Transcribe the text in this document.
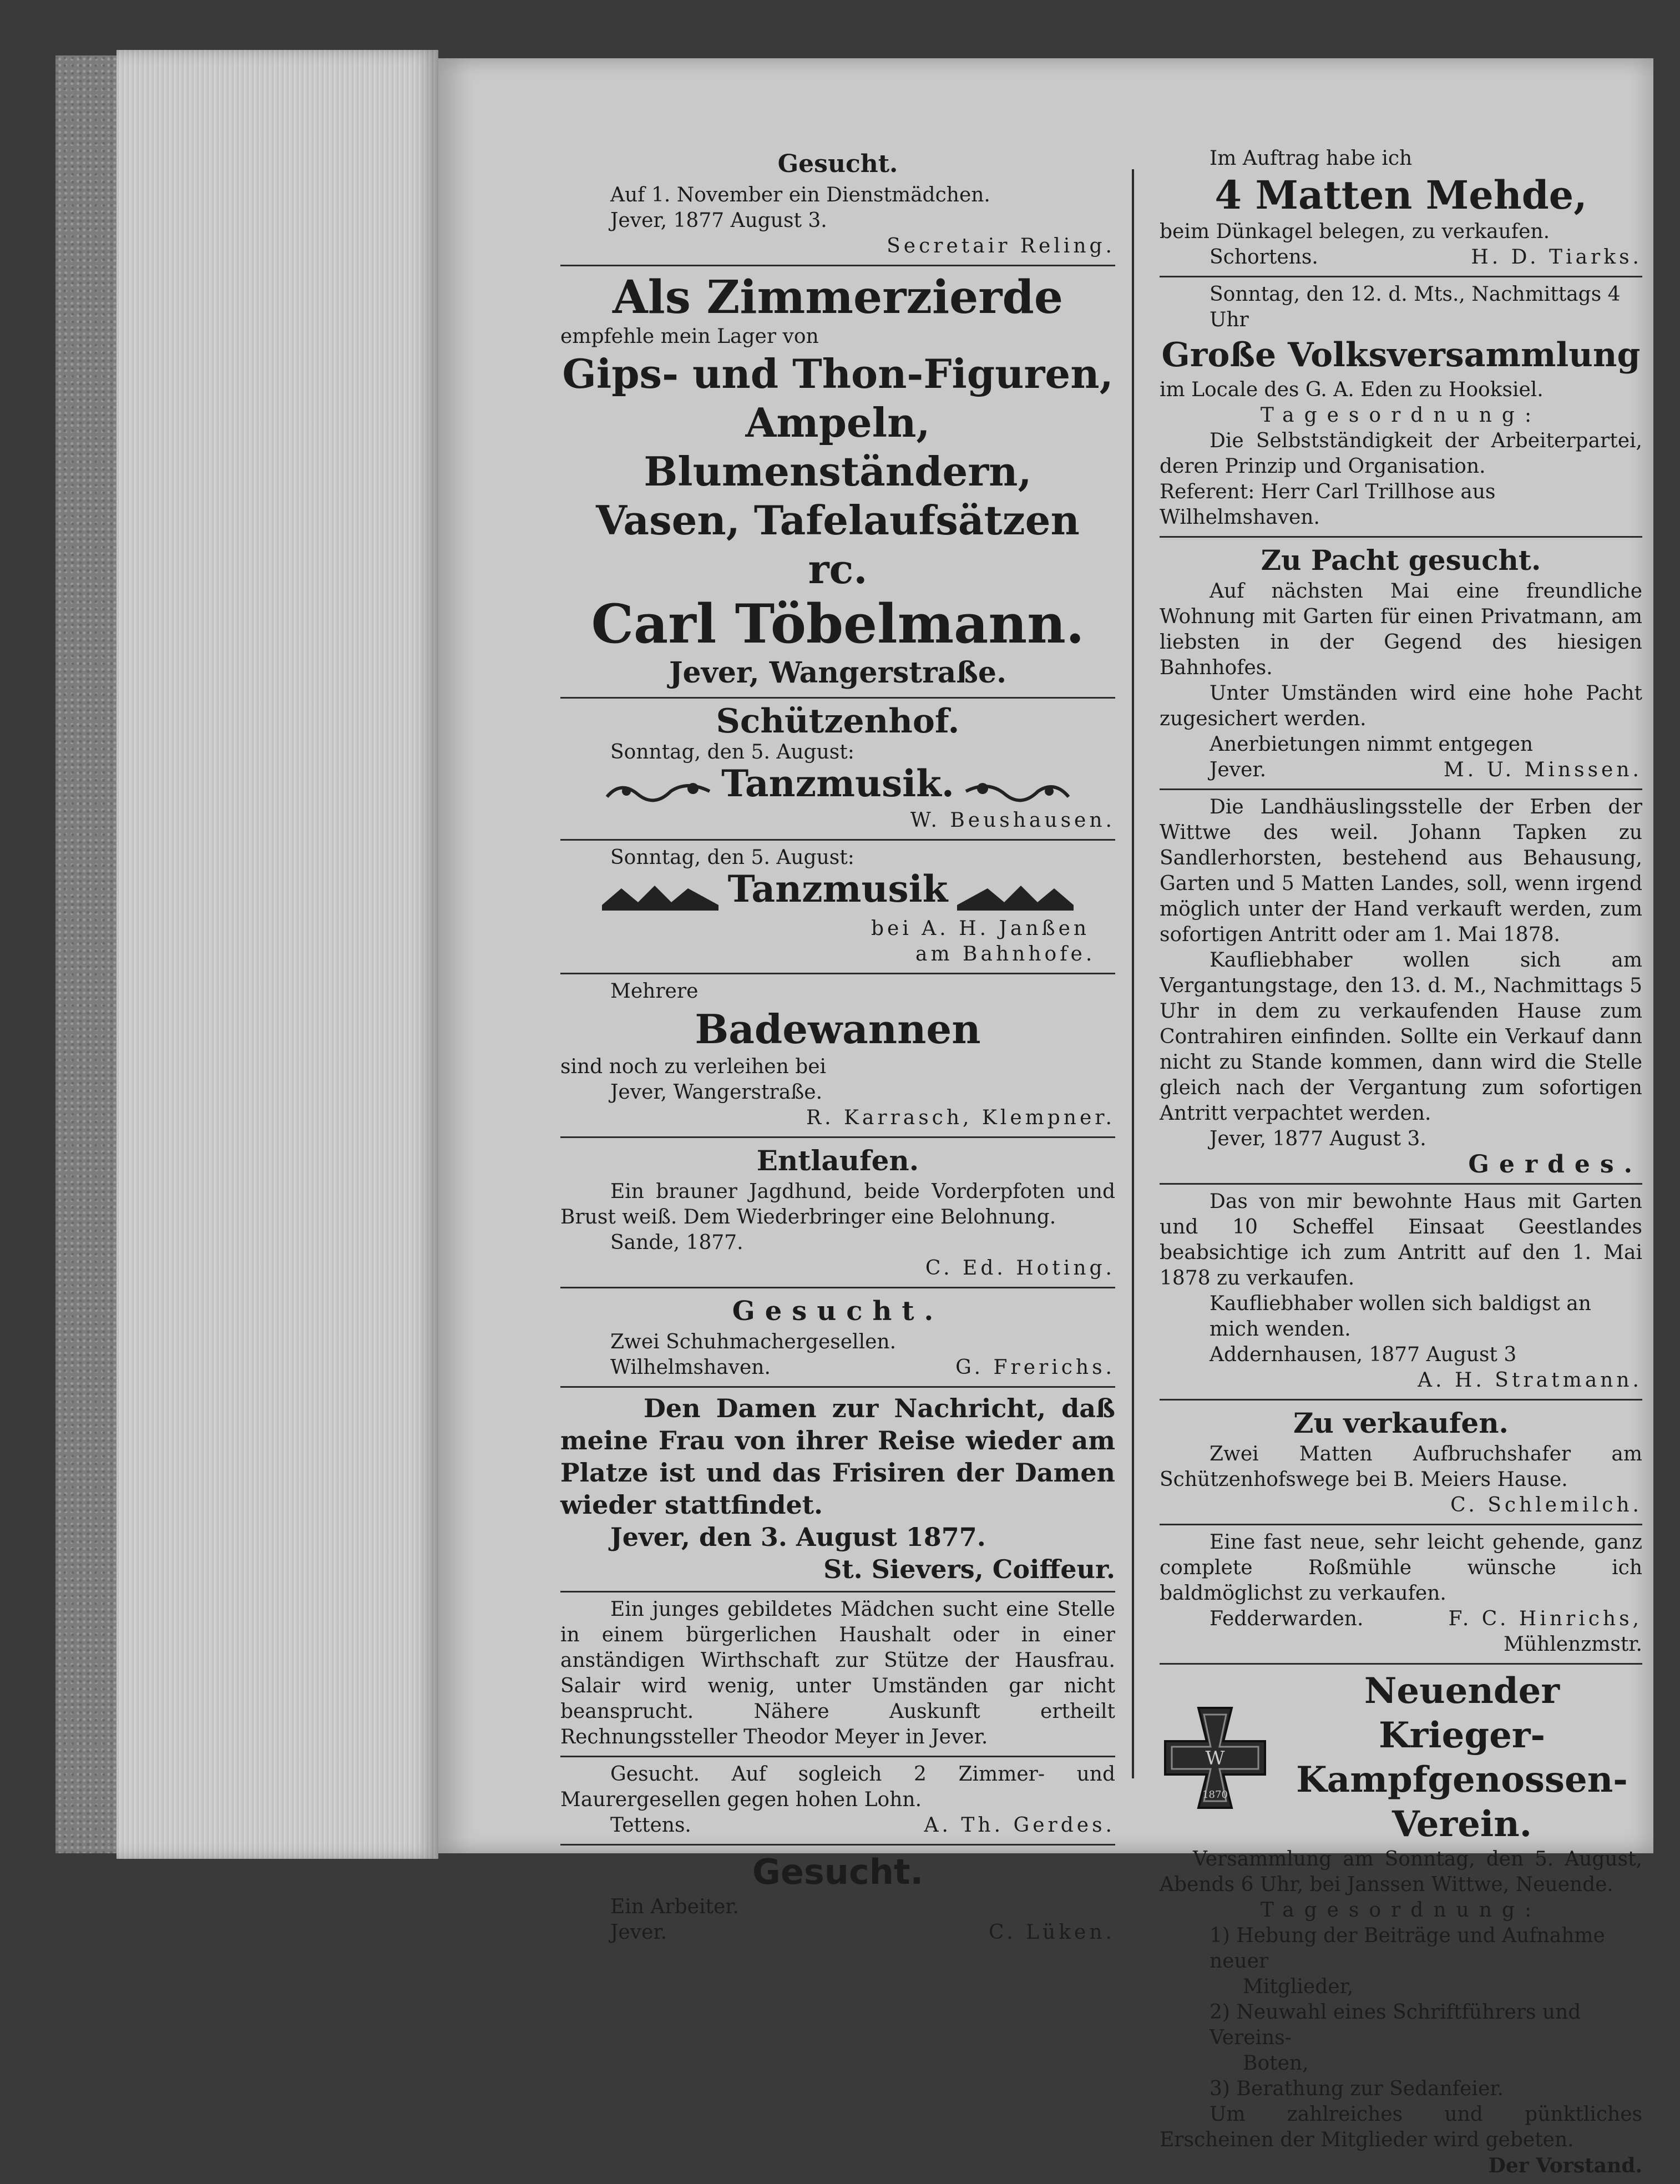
Gesucht.
Auf 1. November ein Dienstmädchen.
Jever, 1877 August 3.
Secretair Reling.
Als Zimmerzierde
empfehle mein Lager von
Gips- und Thon-Figuren,
Ampeln, Blumenständern,
Vasen, Tafelaufsätzen rc.
Carl Töbelmann.
Jever, Wangerstraße.
Schützenhof.
Sonntag, den 5. August:
Tanzmusik.
W. Beushausen.
Sonntag, den 5. August:
Tanzmusik
bei A. H. Janßen
am Bahnhofe.
Mehrere
Badewannen
sind noch zu verleihen bei
Jever, Wangerstraße.
R. Karrasch, Klempner.
Entlaufen.
Ein brauner Jagdhund, beide Vorderpfoten und Brust weiß. Dem Wiederbringer eine Belohnung.
Sande, 1877.
C. Ed. Hoting.
Gesucht.
Zwei Schuhmachergesellen.
Wilhelmshaven.	G. Frerichs.
Den Damen zur Nachricht, daß meine Frau von ihrer Reise wieder am Platze ist und das Frisiren der Damen wieder stattfindet.
Jever, den 3. August 1877.
St. Sievers, Coiffeur.
Ein junges gebildetes Mädchen sucht eine Stelle in einem bürgerlichen Haushalt oder in einer anständigen Wirthschaft zur Stütze der Hausfrau. Salair wird wenig, unter Umständen gar nicht beansprucht. Nähere Auskunft ertheilt Rechnungssteller Theodor Meyer in Jever.
Gesucht. Auf sogleich 2 Zimmer- und Maurergesellen gegen hohen Lohn.
Tettens.	A. Th. Gerdes.
Gesucht.
Ein Arbeiter.
Jever.	C. Lüken.
Im Auftrag habe ich
4 Matten Mehde,
beim Dünkagel belegen, zu verkaufen.
Schortens.	H. D. Tiarks.
Sonntag, den 12. d. Mts., Nachmittags 4 Uhr
Große Volksversammlung
im Locale des G. A. Eden zu Hooksiel.
Tagesordnung:
Die Selbstständigkeit der Arbeiterpartei, deren Prinzip und Organisation.
Referent: Herr Carl Trillhose aus Wilhelmshaven.
Zu Pacht gesucht.
Auf nächsten Mai eine freundliche Wohnung mit Garten für einen Privatmann, am liebsten in der Gegend des hiesigen Bahnhofes.
Unter Umständen wird eine hohe Pacht zugesichert werden.
Anerbietungen nimmt entgegen
Jever.	M. U. Minssen.
Die Landhäuslingsstelle der Erben der Wittwe des weil. Johann Tapken zu Sandlerhorsten, bestehend aus Behausung, Garten und 5 Matten Landes, soll, wenn irgend möglich unter der Hand verkauft werden, zum sofortigen Antritt oder am 1. Mai 1878.
Kaufliebhaber wollen sich am Vergantungstage, den 13. d. M., Nachmittags 5 Uhr in dem zu verkaufenden Hause zum Contrahiren einfinden. Sollte ein Verkauf dann nicht zu Stande kommen, dann wird die Stelle gleich nach der Vergantung zum sofortigen Antritt verpachtet werden.
Jever, 1877 August 3.
Gerdes.
Das von mir bewohnte Haus mit Garten und 10 Scheffel Einsaat Geestlandes beabsichtige ich zum Antritt auf den 1. Mai 1878 zu verkaufen.
Kaufliebhaber wollen sich baldigst an mich wenden.
Addernhausen, 1877 August 3
A. H. Stratmann.
Zu verkaufen.
Zwei Matten Aufbruchshafer am Schützenhofswege bei B. Meiers Hause.
C. Schlemilch.
Eine fast neue, sehr leicht gehende, ganz complete Roßmühle wünsche ich baldmöglichst zu verkaufen.
Fedderwarden.	F. C. Hinrichs,
Mühlenzmstr.
W
1870
Neuender Krieger-
Kampfgenossen-Verein.
Versammlung am Sonntag, den 5. August, Abends 6 Uhr, bei Janssen Wittwe, Neuende.
Tagesordnung:
1) Hebung der Beiträge und Aufnahme neuer
Mitglieder,
2) Neuwahl eines Schriftführers und Vereins-
Boten,
3) Berathung zur Sedanfeier.
Um zahlreiches und pünktliches Erscheinen der Mitglieder wird gebeten.
Der Vorstand.
